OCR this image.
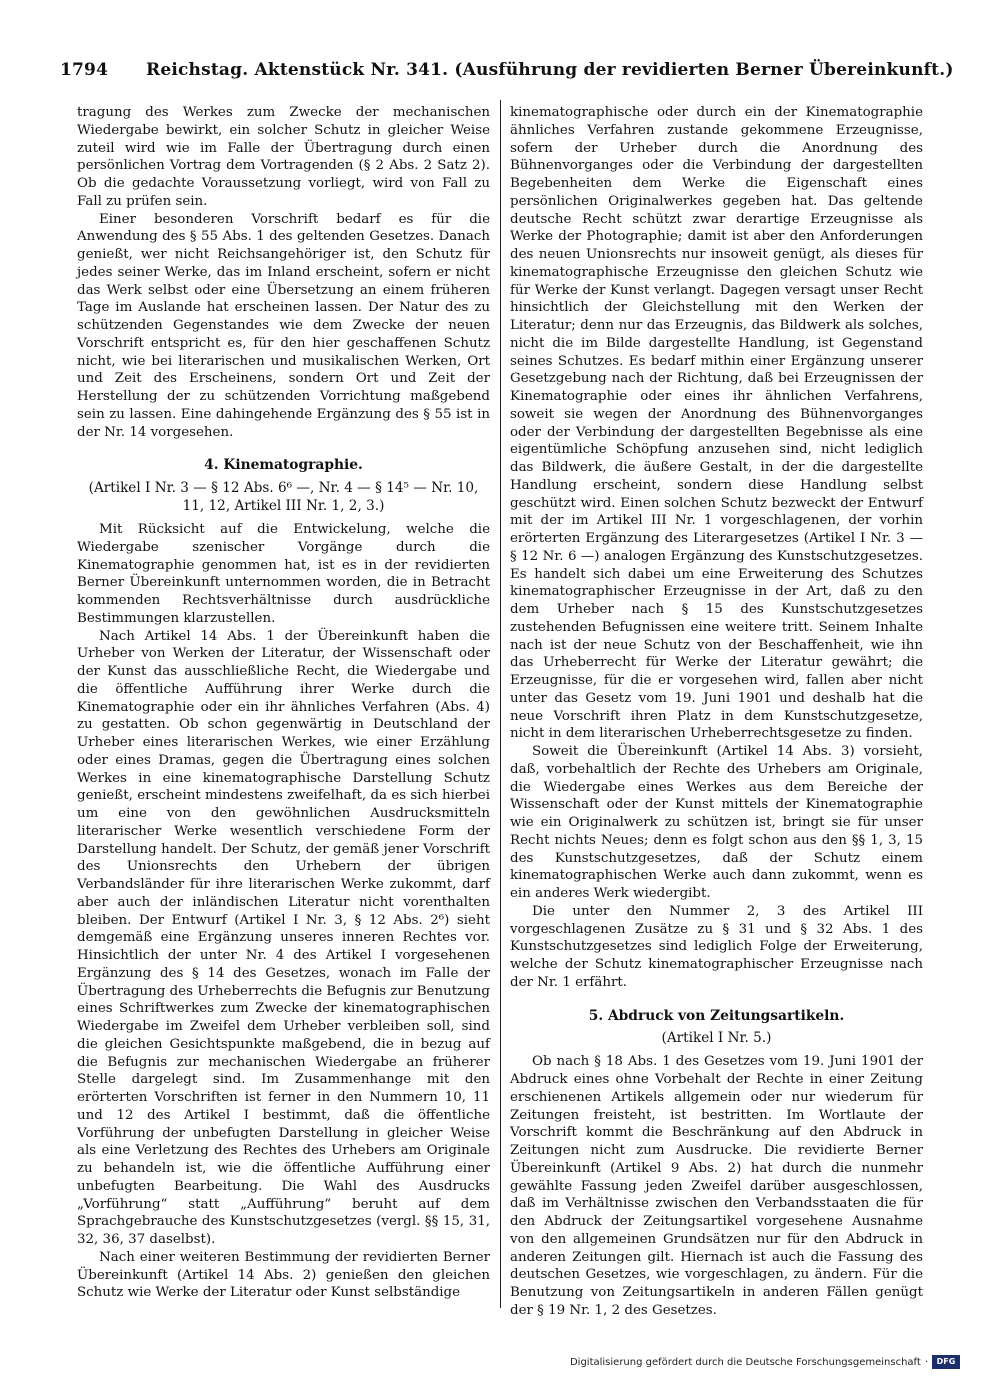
1794 Reichstag. Aktenstück Nr. 341. (Ausführung der revidierten Berner Übereinkunft.)

tragung des Werkes zum Zwecke der mechanischen Wiedergabe bewirkt, ein solcher Schutz in gleicher Weise zuteil wird wie im Falle der Übertragung durch einen persönlichen Vortrag dem Vortragenden (§ 2 Abs. 2 Satz 2). Ob die gedachte Voraussetzung vorliegt, wird von Fall zu Fall zu prüfen sein.

Einer besonderen Vorschrift bedarf es für die Anwendung des § 55 Abs. 1 des geltenden Gesetzes. Danach genießt, wer nicht Reichsangehöriger ist, den Schutz für jedes seiner Werke, das im Inland erscheint, sofern er nicht das Werk selbst oder eine Übersetzung an einem früheren Tage im Auslande hat erscheinen lassen. Der Natur des zu schützenden Gegenstandes wie dem Zwecke der neuen Vorschrift entspricht es, für den hier geschaffenen Schutz nicht, wie bei literarischen und musikalischen Werken, Ort und Zeit des Erscheinens, sondern Ort und Zeit der Herstellung der zu schützenden Vorrichtung maßgebend sein zu lassen. Eine dahingehende Ergänzung des § 55 ist in der Nr. 14 vorgesehen.

4. Kinematographie.

(Artikel I Nr. 3 — § 12 Abs. 6⁶ —, Nr. 4 — § 14⁵ — Nr. 10, 11, 12, Artikel III Nr. 1, 2, 3.)

Mit Rücksicht auf die Entwickelung, welche die Wiedergabe szenischer Vorgänge durch die Kinematographie genommen hat, ist es in der revidierten Berner Übereinkunft unternommen worden, die in Betracht kommenden Rechtsverhältnisse durch ausdrückliche Bestimmungen klarzustellen.

Nach Artikel 14 Abs. 1 der Übereinkunft haben die Urheber von Werken der Literatur, der Wissenschaft oder der Kunst das ausschließliche Recht, die Wiedergabe und die öffentliche Aufführung ihrer Werke durch die Kinematographie oder ein ihr ähnliches Verfahren (Abs. 4) zu gestatten. Ob schon gegenwärtig in Deutschland der Urheber eines literarischen Werkes, wie einer Erzählung oder eines Dramas, gegen die Übertragung eines solchen Werkes in eine kinematographische Darstellung Schutz genießt, erscheint mindestens zweifelhaft, da es sich hierbei um eine von den gewöhnlichen Ausdrucksmitteln literarischer Werke wesentlich verschiedene Form der Darstellung handelt. Der Schutz, der gemäß jener Vorschrift des Unionsrechts den Urhebern der übrigen Verbandsländer für ihre literarischen Werke zukommt, darf aber auch der inländischen Literatur nicht vorenthalten bleiben. Der Entwurf (Artikel I Nr. 3, § 12 Abs. 2⁶) sieht demgemäß eine Ergänzung unseres inneren Rechtes vor. Hinsichtlich der unter Nr. 4 des Artikel I vorgesehenen Ergänzung des § 14 des Gesetzes, wonach im Falle der Übertragung des Urheberrechts die Befugnis zur Benutzung eines Schriftwerkes zum Zwecke der kinematographischen Wiedergabe im Zweifel dem Urheber verbleiben soll, sind die gleichen Gesichtspunkte maßgebend, die in bezug auf die Befugnis zur mechanischen Wiedergabe an früherer Stelle dargelegt sind. Im Zusammenhange mit den erörterten Vorschriften ist ferner in den Nummern 10, 11 und 12 des Artikel I bestimmt, daß die öffentliche Vorführung der unbefugten Darstellung in gleicher Weise als eine Verletzung des Rechtes des Urhebers am Originale zu behandeln ist, wie die öffentliche Aufführung einer unbefugten Bearbeitung. Die Wahl des Ausdrucks „Vorführung“ statt „Aufführung“ beruht auf dem Sprachgebrauche des Kunstschutzgesetzes (vergl. §§ 15, 31, 32, 36, 37 daselbst).

Nach einer weiteren Bestimmung der revidierten Berner Übereinkunft (Artikel 14 Abs. 2) genießen den gleichen Schutz wie Werke der Literatur oder Kunst selbständige

kinematographische oder durch ein der Kinematographie ähnliches Verfahren zustande gekommene Erzeugnisse, sofern der Urheber durch die Anordnung des Bühnenvorganges oder die Verbindung der dargestellten Begebenheiten dem Werke die Eigenschaft eines persönlichen Originalwerkes gegeben hat. Das geltende deutsche Recht schützt zwar derartige Erzeugnisse als Werke der Photographie; damit ist aber den Anforderungen des neuen Unionsrechts nur insoweit genügt, als dieses für kinematographische Erzeugnisse den gleichen Schutz wie für Werke der Kunst verlangt. Dagegen versagt unser Recht hinsichtlich der Gleichstellung mit den Werken der Literatur; denn nur das Erzeugnis, das Bildwerk als solches, nicht die im Bilde dargestellte Handlung, ist Gegenstand seines Schutzes. Es bedarf mithin einer Ergänzung unserer Gesetzgebung nach der Richtung, daß bei Erzeugnissen der Kinematographie oder eines ihr ähnlichen Verfahrens, soweit sie wegen der Anordnung des Bühnenvorganges oder der Verbindung der dargestellten Begebnisse als eine eigentümliche Schöpfung anzusehen sind, nicht lediglich das Bildwerk, die äußere Gestalt, in der die dargestellte Handlung erscheint, sondern diese Handlung selbst geschützt wird. Einen solchen Schutz bezweckt der Entwurf mit der im Artikel III Nr. 1 vorgeschlagenen, der vorhin erörterten Ergänzung des Literargesetzes (Artikel I Nr. 3 — § 12 Nr. 6 —) analogen Ergänzung des Kunstschutzgesetzes. Es handelt sich dabei um eine Erweiterung des Schutzes kinematographischer Erzeugnisse in der Art, daß zu den dem Urheber nach § 15 des Kunstschutzgesetzes zustehenden Befugnissen eine weitere tritt. Seinem Inhalte nach ist der neue Schutz von der Beschaffenheit, wie ihn das Urheberrecht für Werke der Literatur gewährt; die Erzeugnisse, für die er vorgesehen wird, fallen aber nicht unter das Gesetz vom 19. Juni 1901 und deshalb hat die neue Vorschrift ihren Platz in dem Kunstschutzgesetze, nicht in dem literarischen Urheberrechtsgesetze zu finden.

Soweit die Übereinkunft (Artikel 14 Abs. 3) vorsieht, daß, vorbehaltlich der Rechte des Urhebers am Originale, die Wiedergabe eines Werkes aus dem Bereiche der Wissenschaft oder der Kunst mittels der Kinematographie wie ein Originalwerk zu schützen ist, bringt sie für unser Recht nichts Neues; denn es folgt schon aus den §§ 1, 3, 15 des Kunstschutzgesetzes, daß der Schutz einem kinematographischen Werke auch dann zukommt, wenn es ein anderes Werk wiedergibt.

Die unter den Nummer 2, 3 des Artikel III vorgeschlagenen Zusätze zu § 31 und § 32 Abs. 1 des Kunstschutzgesetzes sind lediglich Folge der Erweiterung, welche der Schutz kinematographischer Erzeugnisse nach der Nr. 1 erfährt.

5. Abdruck von Zeitungsartikeln.

(Artikel I Nr. 5.)

Ob nach § 18 Abs. 1 des Gesetzes vom 19. Juni 1901 der Abdruck eines ohne Vorbehalt der Rechte in einer Zeitung erschienenen Artikels allgemein oder nur wiederum für Zeitungen freisteht, ist bestritten. Im Wortlaute der Vorschrift kommt die Beschränkung auf den Abdruck in Zeitungen nicht zum Ausdrucke. Die revidierte Berner Übereinkunft (Artikel 9 Abs. 2) hat durch die nunmehr gewählte Fassung jeden Zweifel darüber ausgeschlossen, daß im Verhältnisse zwischen den Verbandsstaaten die für den Abdruck der Zeitungsartikel vorgesehene Ausnahme von den allgemeinen Grundsätzen nur für den Abdruck in anderen Zeitungen gilt. Hiernach ist auch die Fassung des deutschen Gesetzes, wie vorgeschlagen, zu ändern. Für die Benutzung von Zeitungsartikeln in anderen Fällen genügt der § 19 Nr. 1, 2 des Gesetzes.

Digitalisierung gefördert durch die Deutsche Forschungsgemeinschaft ·	DFG
